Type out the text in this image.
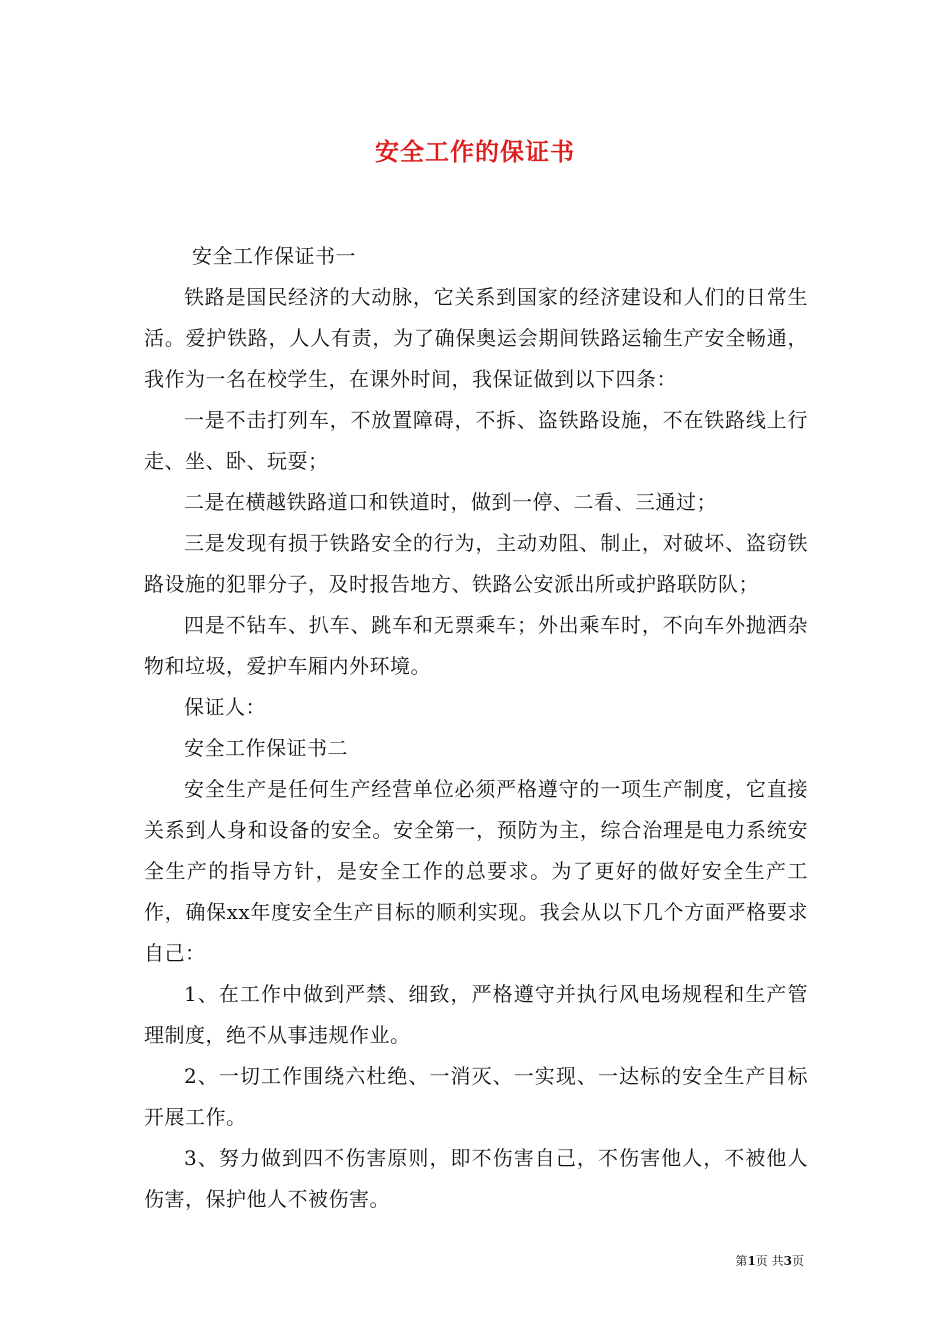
安全工作的保证书

安全工作保证书一

铁路是国民经济的大动脉，它关系到国家的经济建设和人们的日常生活。爱护铁路，人人有责，为了确保奥运会期间铁路运输生产安全畅通，我作为一名在校学生，在课外时间，我保证做到以下四条：

一是不击打列车，不放置障碍，不拆、盗铁路设施，不在铁路线上行走、坐、卧、玩耍；

二是在横越铁路道口和铁道时，做到一停、二看、三通过；

三是发现有损于铁路安全的行为，主动劝阻、制止，对破坏、盗窃铁路设施的犯罪分子，及时报告地方、铁路公安派出所或护路联防队；

四是不钻车、扒车、跳车和无票乘车；外出乘车时，不向车外抛洒杂物和垃圾，爱护车厢内外环境。

保证人：

安全工作保证书二

安全生产是任何生产经营单位必须严格遵守的一项生产制度，它直接关系到人身和设备的安全。安全第一，预防为主，综合治理是电力系统安全生产的指导方针，是安全工作的总要求。为了更好的做好安全生产工作，确保xx年度安全生产目标的顺利实现。我会从以下几个方面严格要求自己：

1、在工作中做到严禁、细致，严格遵守并执行风电场规程和生产管理制度，绝不从事违规作业。

2、一切工作围绕六杜绝、一消灭、一实现、一达标的安全生产目标开展工作。

3、努力做到四不伤害原则，即不伤害自己，不伤害他人，不被他人伤害，保护他人不被伤害。

第1页 共3页
